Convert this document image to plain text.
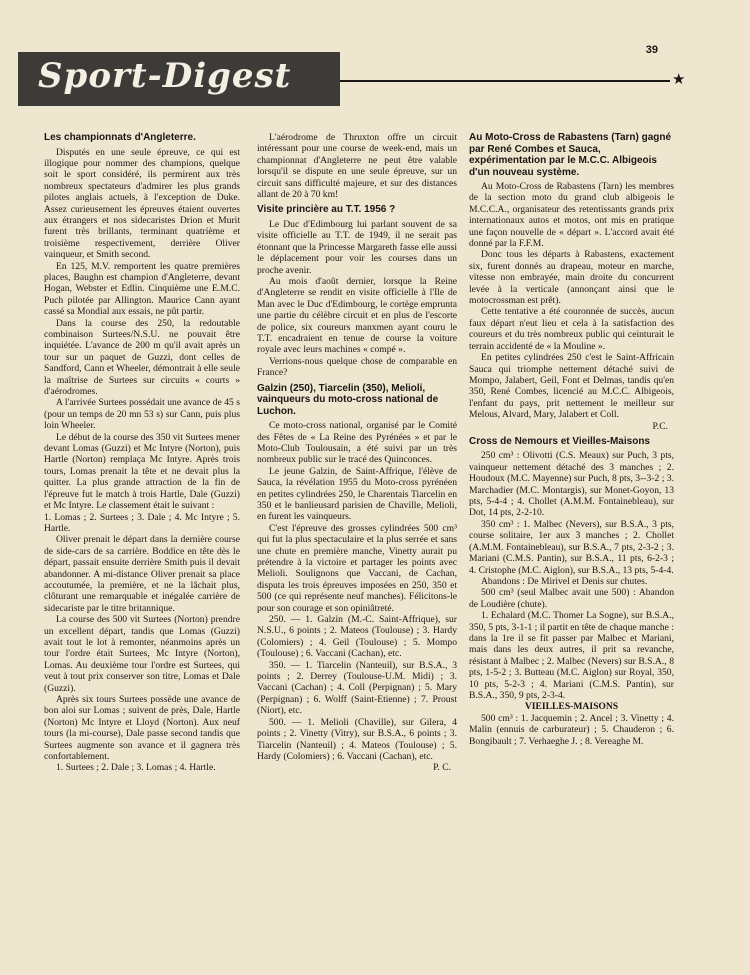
39
Sport-Digest	★
Les championnats d'Angleterre.

Disputés en une seule épreuve, ce qui est illogique pour nommer des champions, quelque soit le sport considéré, ils permirent aux très nombreux spectateurs d'admirer les plus grands pilotes anglais actuels, à l'exception de Duke. Assez curieusement les épreuves étaient ouvertes aux étrangers et nos sidecaristes Drion et Murit furent très brillants, terminant quatrième et troisième respectivement, derrière Oliver vainqueur, et Smith second.

En 125, M.V. remportent les quatre premières places, Baughn est champion d'Angleterre, devant Hogan, Webster et Edlin. Cinquième une E.M.C. Puch pilotée par Allington. Maurice Cann ayant cassé sa Mondial aux essais, ne pût partir.

Dans la course des 250, la redoutable combinaison Surtees/N.S.U. ne pouvait être inquiétée. L'avance de 200 m qu'il avait après un tour sur un paquet de Guzzi, dont celles de Sandford, Cann et Wheeler, démontrait à elle seule la maîtrise de Surtees sur circuits « courts » d'aérodromes.

A l'arrivée Surtees possédait une avance de 45 s (pour un temps de 20 mn 53 s) sur Cann, puis plus loin Wheeler.

Le début de la course des 350 vit Surtees mener devant Lomas (Guzzi) et Mc Intyre (Norton), puis Hartle (Norton) remplaça Mc Intyre. Après trois tours, Lomas prenait la tête et ne devait plus la quitter. La plus grande attraction de la fin de l'épreuve fut le match à trois Hartle, Dale (Guzzi) et Mc Intyre. Le classement était le suivant :

1. Lomas ; 2. Surtees ; 3. Dale ; 4. Mc Intyre ; 5. Hartle.

Oliver prenait le départ dans la dernière course de side-cars de sa carrière. Boddice en tête dès le départ, passait ensuite derrière Smith puis il devait abandonner. A mi-distance Oliver prenait sa place accoutumée, la première, et ne la lâchait plus, clôturant une remarquable et inégalée carrière de sidecariste par le titre britannique.

La course des 500 vit Surtees (Norton) prendre un excellent départ, tandis que Lomas (Guzzi) avait tout le lot à remonter, néanmoins après un tour l'ordre était Surtees, Mc Intyre (Norton), Lomas. Au deuxième tour l'ordre est Surtees, qui veut à tout prix conserver son titre, Lomas et Dale (Guzzi).

Après six tours Surtees possède une avance de bon aloi sur Lomas ; suivent de près, Dale, Hartle (Norton) Mc Intyre et Lloyd (Norton). Aux neuf tours (la mi-course), Dale passe second tandis que Surtees augmente son avance et il gagnera très confortablement.

1. Surtees ; 2. Dale ; 3. Lomas ; 4. Hartle.

L'aérodrome de Thruxton offre un circuit intéressant pour une course de week-end, mais un championnat d'Angleterre ne peut être valable lorsqu'il se dispute en une seule épreuve, sur un circuit sans difficulté majeure, et sur des distances allant de 20 à 70 km!

Visite princière au T.T. 1956 ?

Le Duc d'Edimbourg lui parlant souvent de sa visite officielle au T.T. de 1949, il ne serait pas étonnant que la Princesse Margareth fasse elle aussi le déplacement pour voir les courses dans un proche avenir.

Au mois d'août dernier, lorsque la Reine d'Angleterre se rendit en visite officielle à l'Ile de Man avec le Duc d'Edimbourg, le cortège emprunta une partie du célèbre circuit et en plus de l'escorte de police, six coureurs manxmen ayant couru le T.T. encadraient en tenue de course la voiture royale avec leurs machines « compé ».

Verrions-nous quelque chose de comparable en France?

Galzin (250), Tiarcelin (350), Melioli, vainqueurs du moto-cross national de Luchon.

Ce moto-cross national, organisé par le Comité des Fêtes de « La Reine des Pyrénées » et par le Moto-Club Toulousain, a été suivi par un très nombreux public sur le tracé des Quinconces.

Le jeune Galzin, de Saint-Affrique, l'élève de Sauca, la révélation 1955 du Moto-cross pyrénéen en petites cylindrées 250, le Charentais Tiarcelin en 350 et le banlieusard parisien de Chaville, Melioli, en furent les vainqueurs.

C'est l'épreuve des grosses cylindrées 500 cm³ qui fut la plus spectaculaire et la plus serrée et sans une chute en première manche, Vinetty aurait pu prétendre à la victoire et partager les points avec Melioli. Soulignons que Vaccani, de Cachan, disputa les trois épreuves imposées en 250, 350 et 500 (ce qui représente neuf manches). Félicitons-le pour son courage et son opiniâtreté.

250. — 1. Galzin (M.-C. Saint-Affrique), sur N.S.U., 6 points ; 2. Mateos (Toulouse) ; 3. Hardy (Colomiers) ; 4. Geil (Toulouse) ; 5. Mompo (Toulouse) ; 6. Vaccani (Cachan), etc.

350. — 1. Tiarcelin (Nanteuil), sur B.S.A., 3 points ; 2. Derrey (Toulouse-U.M. Midi) ; 3. Vaccani (Cachan) ; 4. Coll (Perpignan) ; 5. Mary (Perpignan) ; 6. Wolff (Saint-Etienne) ; 7. Proust (Niort), etc.

500. — 1. Melioli (Chaville), sur Gilera, 4 points ; 2. Vinetty (Vitry), sur B.S.A., 6 points ; 3. Tiarcelin (Nanteuil) ; 4. Mateos (Toulouse) ; 5. Hardy (Colomiers) ; 6. Vaccani (Cachan), etc.

P. C.

Au Moto-Cross de Rabastens (Tarn) gagné par René Combes et Sauca, expérimentation par le M.C.C. Albigeois d'un nouveau système.

Au Moto-Cross de Rabastens (Tarn) les membres de la section moto du grand club albigeois le M.C.C.A., organisateur des retentissants grands prix internationaux autos et motos, ont mis en pratique une façon nouvelle de « départ ». L'accord avait été donné par la F.F.M.

Donc tous les départs à Rabastens, exactement six, furent donnés au drapeau, moteur en marche, vitesse non embrayée, main droite du concurrent levée à la verticale (annonçant ainsi que le motocrossman est prêt).

Cette tentative a été couronnée de succès, aucun faux départ n'eut lieu et cela à la satisfaction des coureurs et du très nombreux public qui ceinturait le terrain accidenté de « la Mouline ».

En petites cylindrées 250 c'est le Saint-Affricain Sauca qui triomphe nettement détaché suivi de Mompo, Jalabert, Geil, Font et Delmas, tandis qu'en 350, René Combes, licencié au M.C.C. Albigeois, l'enfant du pays, prit nettement le meilleur sur Melous, Alvard, Mary, Jalabert et Coll.

P.C.

Cross de Nemours et Vieilles-Maisons

250 cm³ : Olivotti (C.S. Meaux) sur Puch, 3 pts, vainqueur nettement détaché des 3 manches ; 2. Houdoux (M.C. Mayenne) sur Puch, 8 pts, 3--3-2 ; 3. Marchadier (M.C. Montargis), sur Monet-Goyon, 13 pts, 5-4-4 ; 4. Chollet (A.M.M. Fontainebleau), sur Dot, 14 pts, 2-2-10.

350 cm³ : 1. Malbec (Nevers), sur B.S.A., 3 pts, course solitaire, 1er aux 3 manches ; 2. Chollet (A.M.M. Fontainebleau), sur B.S.A., 7 pts, 2-3-2 ; 3. Mariani (C.M.S. Pantin), sur B.S.A., 11 pts, 6-2-3 ; 4. Cristophe (M.C. Aiglon), sur B.S.A., 13 pts, 5-4-4.

Abandons : De Mirivel et Denis sur chutes.

500 cm³ (seul Malbec avait une 500) : Abandon de Loudière (chute).

1. Echalard (M.C. Thomer La Sogne), sur B.S.A., 350, 5 pts, 3-1-1 ; il partit en tête de chaque manche : dans la 1re il se fit passer par Malbec et Mariani, mais dans les deux autres, il prit sa revanche, résistant à Malbec ; 2. Malbec (Nevers) sur B.S.A., 8 pts, 1-5-2 ; 3. Butteau (M.C. Aiglon) sur Royal, 350, 10 pts, 5-2-3 ; 4. Mariani (C.M.S. Pantin), sur B.S.A., 350, 9 pts, 2-3-4.

VIEILLES-MAISONS

500 cm³ : 1. Jacquemin ; 2. Ancel ; 3. Vinetty ; 4. Malin (ennuis de carburateur) ; 5. Chauderon ; 6. Bongibault ; 7. Verhaeghe J. ; 8. Vereaghe M.
